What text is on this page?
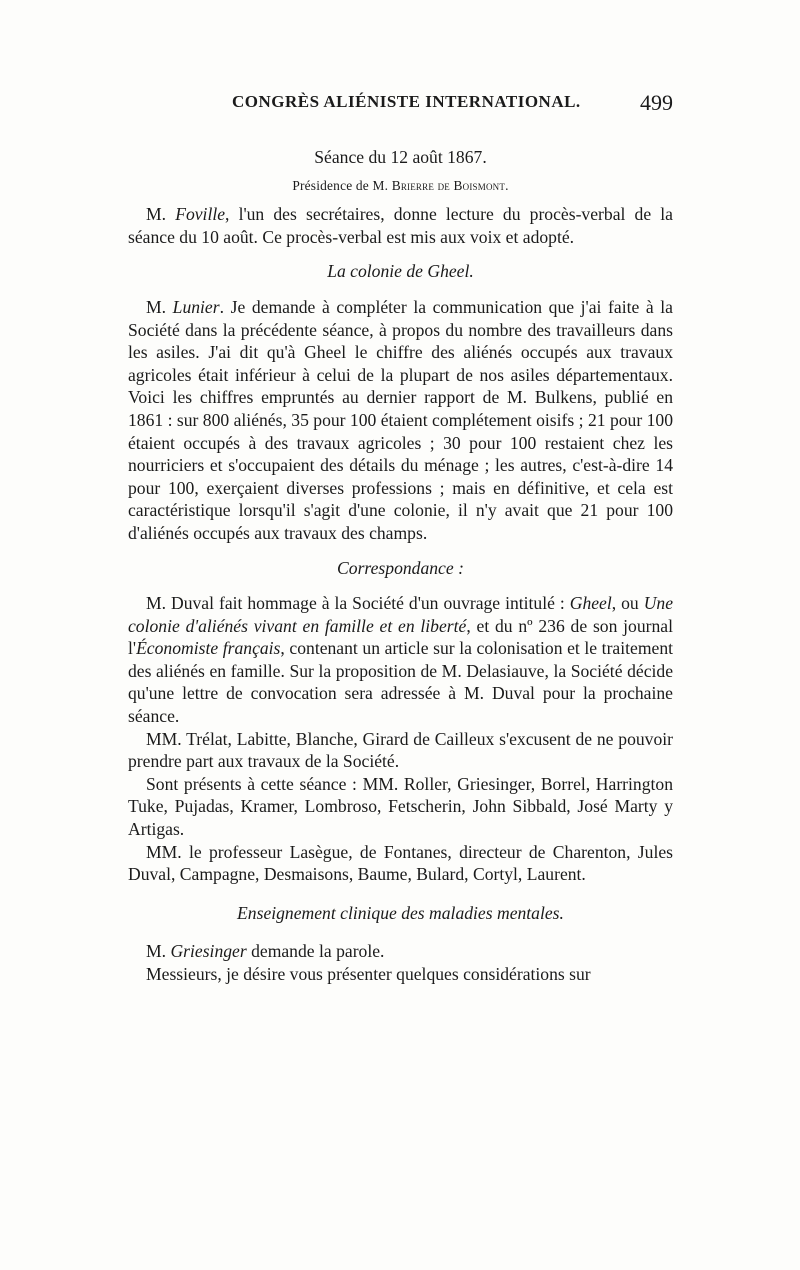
CONGRÈS ALIÉNISTE INTERNATIONAL.	499
Séance du 12 août 1867.
Présidence de M. Brierre de Boismont.

M. Foville, l'un des secrétaires, donne lecture du procès-verbal de la séance du 10 août. Ce procès-verbal est mis aux voix et adopté.

La colonie de Gheel.

M. Lunier. Je demande à compléter la communication que j'ai faite à la Société dans la précédente séance, à propos du nombre des travailleurs dans les asiles. J'ai dit qu'à Gheel le chiffre des aliénés occupés aux travaux agricoles était inférieur à celui de la plupart de nos asiles départementaux. Voici les chiffres empruntés au dernier rapport de M. Bulkens, publié en 1861 : sur 800 aliénés, 35 pour 100 étaient complétement oisifs ; 21 pour 100 étaient occupés à des travaux agricoles ; 30 pour 100 restaient chez les nourriciers et s'occupaient des détails du ménage ; les autres, c'est-à-dire 14 pour 100, exerçaient diverses professions ; mais en définitive, et cela est caractéristique lorsqu'il s'agit d'une colonie, il n'y avait que 21 pour 100 d'aliénés occupés aux travaux des champs.

Correspondance :

M. Duval fait hommage à la Société d'un ouvrage intitulé : Gheel, ou Une colonie d'aliénés vivant en famille et en liberté, et du nº 236 de son journal l'Économiste français, contenant un article sur la colonisation et le traitement des aliénés en famille. Sur la proposition de M. Delasiauve, la Société décide qu'une lettre de convocation sera adressée à M. Duval pour la prochaine séance.

MM. Trélat, Labitte, Blanche, Girard de Cailleux s'excusent de ne pouvoir prendre part aux travaux de la Société.

Sont présents à cette séance : MM. Roller, Griesinger, Borrel, Harrington Tuke, Pujadas, Kramer, Lombroso, Fetscherin, John Sibbald, José Marty y Artigas.

MM. le professeur Lasègue, de Fontanes, directeur de Charenton, Jules Duval, Campagne, Desmaisons, Baume, Bulard, Cortyl, Laurent.

Enseignement clinique des maladies mentales.

M. Griesinger demande la parole.

Messieurs, je désire vous présenter quelques considérations sur
